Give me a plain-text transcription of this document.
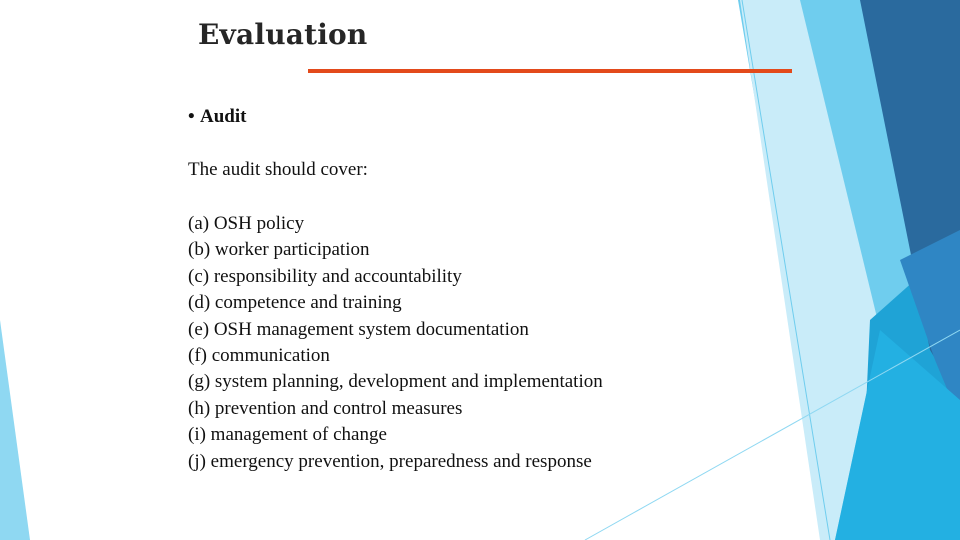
Evaluation
• Audit
The audit should cover:
(a) OSH policy
(b) worker participation
(c) responsibility and accountability
(d) competence and training
(e) OSH management system documentation
(f) communication
(g) system planning, development and implementation
(h) prevention and control measures
(i) management of change
(j) emergency prevention, preparedness and response
